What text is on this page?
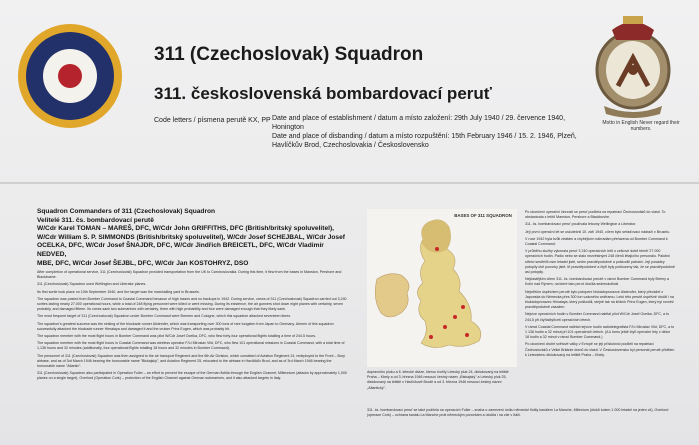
Motto in English Never regard their numbers.
311 (Czechoslovak) Squadron
311. československá bombardovací peruť
Code letters / písmena perutě KX, PP Date and place of establishment / datum a místo založení: 29th July 1940 / 29. července 1940, Honington
Date and place of disbanding / datum a místo rozpuštění: 15th February 1946 / 15. 2. 1946, Plzeň, Havlíčkův Brod, Czechoslovakia / Československo
Squadron Commanders of 311 (Czechoslovak) Squadron
Velitelé 311. čs. bombardovací perutě
W/Cdr Karel TOMAN – MAREŠ, DFC, W/Cdr John GRIFFITHS, DFC (British/britský spoluvelitel),
W/Cdr William S. P. SIMMONDS (British/britský spoluvelitel), W/Cdr Josef SCHEJBAL, W/Cdr Josef
OCELKA, DFC, W/Cdr Josef ŠNAJDR, DFC, W/Cdr Jindřich BREICETL, DFC, W/Cdr Vladimír NEDVED,
MBE, DFC, W/Cdr Josef ŠEJBL, DFC, W/Cdr Jan KOSTOHRYZ, DSO

After completion of operational service, 311 (Czechoslovak) Squadron provided transportation from the UK to Czechoslovakia. During this time, it flew from the bases in Manston, Pershore and Blackbushe.

311 (Czechoslovak) Squadron used Wellington and Liberator planes.

Its first sortie took place on 10th September 1940, and the target was the marshalling yard in Brussels.

The squadron was posted from Bomber Command to Coastal Command because of high losses and no backups in 1942. During service, crews of 311 (Czechoslovak) Squadron carried out 3,240 sorties lasting nearly 27,000 operational hours, while a total of 248 flying personnel were killed or went missing. During its existence, the air gunners shot down eight planes with certainty, seven probably, and damaged fifteen. Its crews sank two submarines with certainty, three with high probability and four were damaged enough that they likely sank.

The most frequent target of 311 (Czechoslovak) Squadron under Bomber Command were Bremen and Cologne, which this squadron attacked seventeen times.

The squadron's greatest success was the sinking of the blockade runner Alsterufer, which was transporting over 300 tons of rare tungsten from Japan to Germany. Airmen of this squadron successfully attacked the blockade runner Himalaya and damaged it and the cruiser Prinz Eugen, which was probably hit.

The squadron member with the most flight hours in Bomber Command was pilot W/Cdr Josef Ocelka, DFC, who flew forty-four operational flights totalling a time of 244.5 hours.

The squadron member with the most flight hours in Coastal Command was wireless operator F/Lt Miroslav Vild, DFC, who flew 101 operational missions in Coastal Command, with a total time of 1,136 hours and 32 minutes (additionally, four operational flights totalling 18 hours and 32 minutes in Bomber Command).

The personnel of 311 (Czechoslovak) Squadron was then assigned to the air transport Regiment and the 6th Air Division, which consisted of Aviation Regiment 24, redeployed to the Front – Bory airbase, and as of 3rd March 1946 bearing the honourable name "Biskajský", and Aviation Regiment 25, relocated to the airbase in Havlíčkův Brod, and as of 3rd March 1946 bearing the honourable name "Atlantic".

311 (Czechoslovak) Squadron also participated in Operation Fuller – an effort to prevent the escape of the German flotilla through the English Channel; Millennium (attacks by approximately 1,000 planes on a single target), Overlord (Operation Cork) – protection of the English Channel against German submarines, and it also attacked targets in Italy.

BASES OF 311 SQUADRON
dopravního pluku a 6. letecké divize, kterou tvořily Letecký pluk 24, dislokovaný na letiště Praha – Kbely a od 3. března 1946 nesoucí čestný název „Biskajský" a Letecký pluk 25, dislokovaný na letiště v Havlíčkově Brodě a od 3. března 1946 nesoucí čestný název „Atlantický".

Po ukončení operační činnosti se peruť podílela na repatriaci Čechoslováků do vlasti. To obstarávala z letišť Manston, Pershore a Blackbushe.

311. čs. bombardovací peruť používala letouny Wellington a Liberator.

Její první operační let se uskutečnil 10. září 1940, cílem bylo seřaďovací nádraží v Bruselu.

V roce 1942 byla kvůli ztrátám a chybějícím náhradám přeřazena od Bomber Command k Coastal Command.

V průběhu služby vykonala peruť 3 240 operačních letů o celkové době téměř 27 000 operačních hodin. Padlo nebo se stalo nezvěstnými 248 členů létajícího personálu. Palubní střelci sestřelili osm letadel jistě, sedm pravděpodobně a poškodili patnáct. Její posádky potopily dvě ponorky jistě, tři pravděpodobně a čtyři byly poškozeny tak, že se pravděpodobně asi potopily.

Nejčastějším cílem 311. čs. bombardovací perutě v rámci Bomber Command byly Brémy a Kolín nad Rýnem, na které tato peruť útočila sedmnáctkrát.

Největším úspěchem perutě bylo potopení blokádoprorazce Alsterufer, který převážel z Japonska do Německa přes 300 tun vzácného wolframu. Letci této perutě úspěšně útočili i na blokádoprorazec Himalaya, který poškodili, stejně tak na křižník Prinz Eugen, který byl rovněž pravděpodobně zasažen.

Nejvíce operačních hodin v Bomber Command nalétal pilot W/Cdr Josef Ocelka, DFC, a to 244,5 při čtyřiačtyřiceti operačních letech.

V rámci Coastal Command nalétal nejvíce hodin radiotelegrafista F/Lt Miroslav Vild, DFC, a to 1 136 hodin a 32 minut při 101 operačních letech. (A k tomu ještě čtyři operační lety v délce 18 hodin a 32 minut v rámci Bomber Command.)

Po ukončení druhé světové války v Evropě se její příslušníci podíleli na repatriaci Čechoslováků z Velké Británie domů do vlasti. V Československu byl personál perutě přidělen k Leteckému dislokovaný na letiště Praha – Kbely.

311. čs. bombardovací peruť se také podílela na operacích Fuller – snaha o zamezení úniku německé flotily kanálem La Manche, Millenium (útoků kolem 1 000 letadel na jeden cíl), Overlord (operace Cork) – ochrana kanálu La Manche proti německým ponorkám a útočila i na cíle v Itálii.
